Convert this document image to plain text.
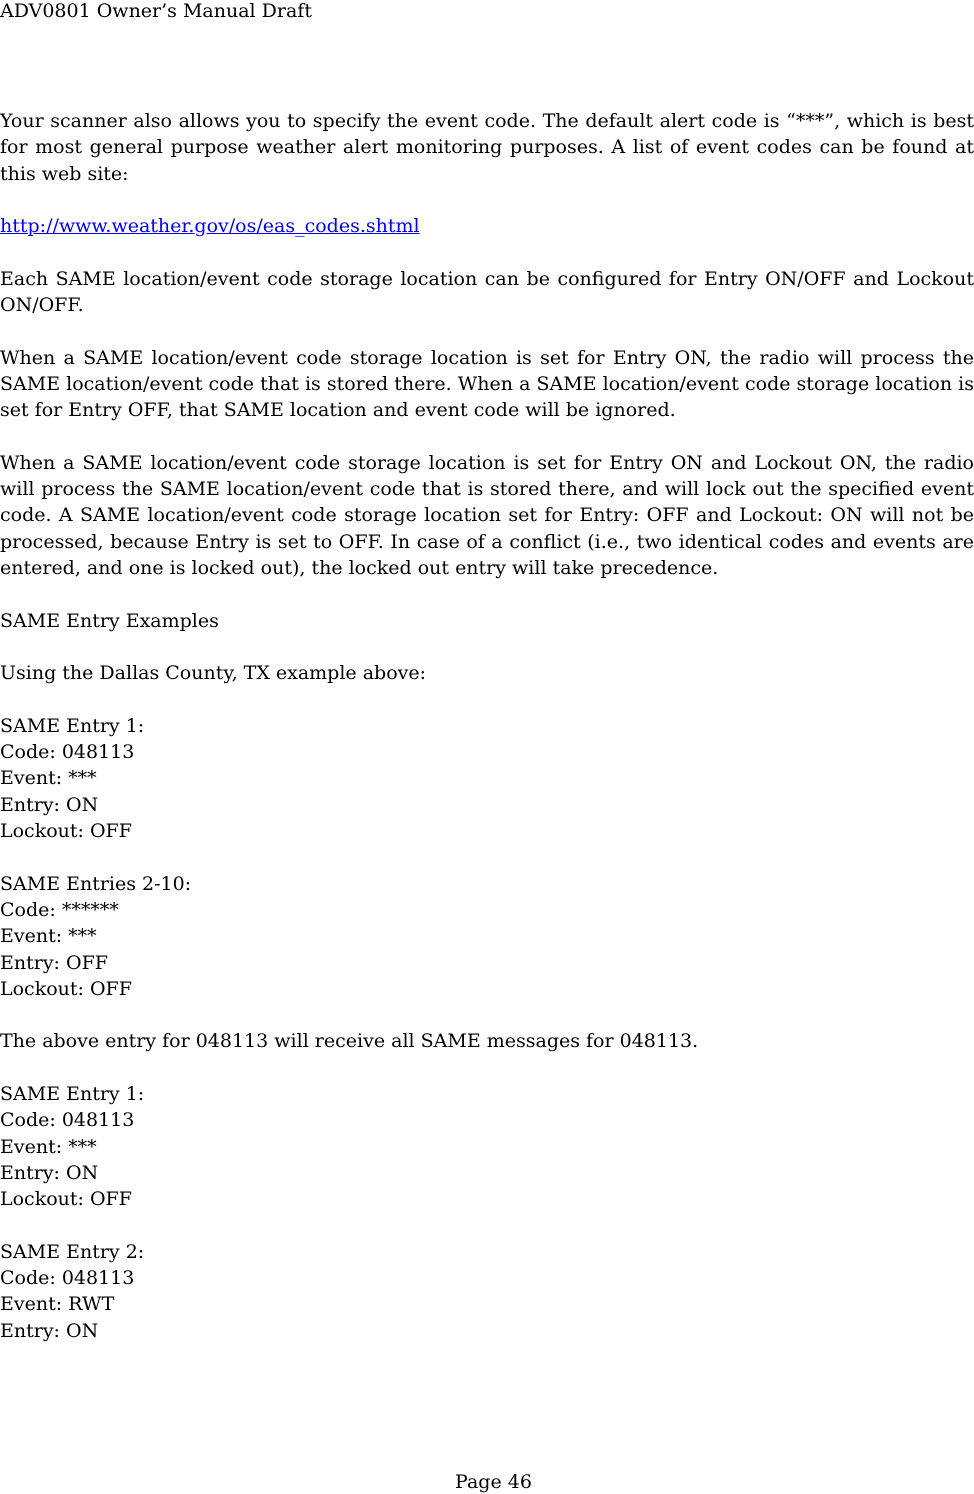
ADV0801 Owner’s Manual Draft

Your scanner also allows you to specify the event code. The default alert code is “***”, which is best for most general purpose weather alert monitoring purposes. A list of event codes can be found at this web site:

http://www.weather.gov/os/eas_codes.shtml

Each SAME location/event code storage location can be configured for Entry ON/OFF and Lockout ON/OFF.

When a SAME location/event code storage location is set for Entry ON, the radio will process the SAME location/event code that is stored there. When a SAME location/event code storage location is set for Entry OFF, that SAME location and event code will be ignored.

When a SAME location/event code storage location is set for Entry ON and Lockout ON, the radio will process the SAME location/event code that is stored there, and will lock out the specified event code. A SAME location/event code storage location set for Entry: OFF and Lockout: ON will not be processed, because Entry is set to OFF. In case of a conflict (i.e., two identical codes and events are entered, and one is locked out), the locked out entry will take precedence.

SAME Entry Examples

Using the Dallas County, TX example above:

SAME Entry 1:

Code: 048113

Event: ***

Entry: ON

Lockout: OFF

SAME Entries 2-10:

Code: ******

Event: ***

Entry: OFF

Lockout: OFF

The above entry for 048113 will receive all SAME messages for 048113.

SAME Entry 1:

Code: 048113

Event: ***

Entry: ON

Lockout: OFF

SAME Entry 2:

Code: 048113

Event: RWT

Entry: ON

Page 46
